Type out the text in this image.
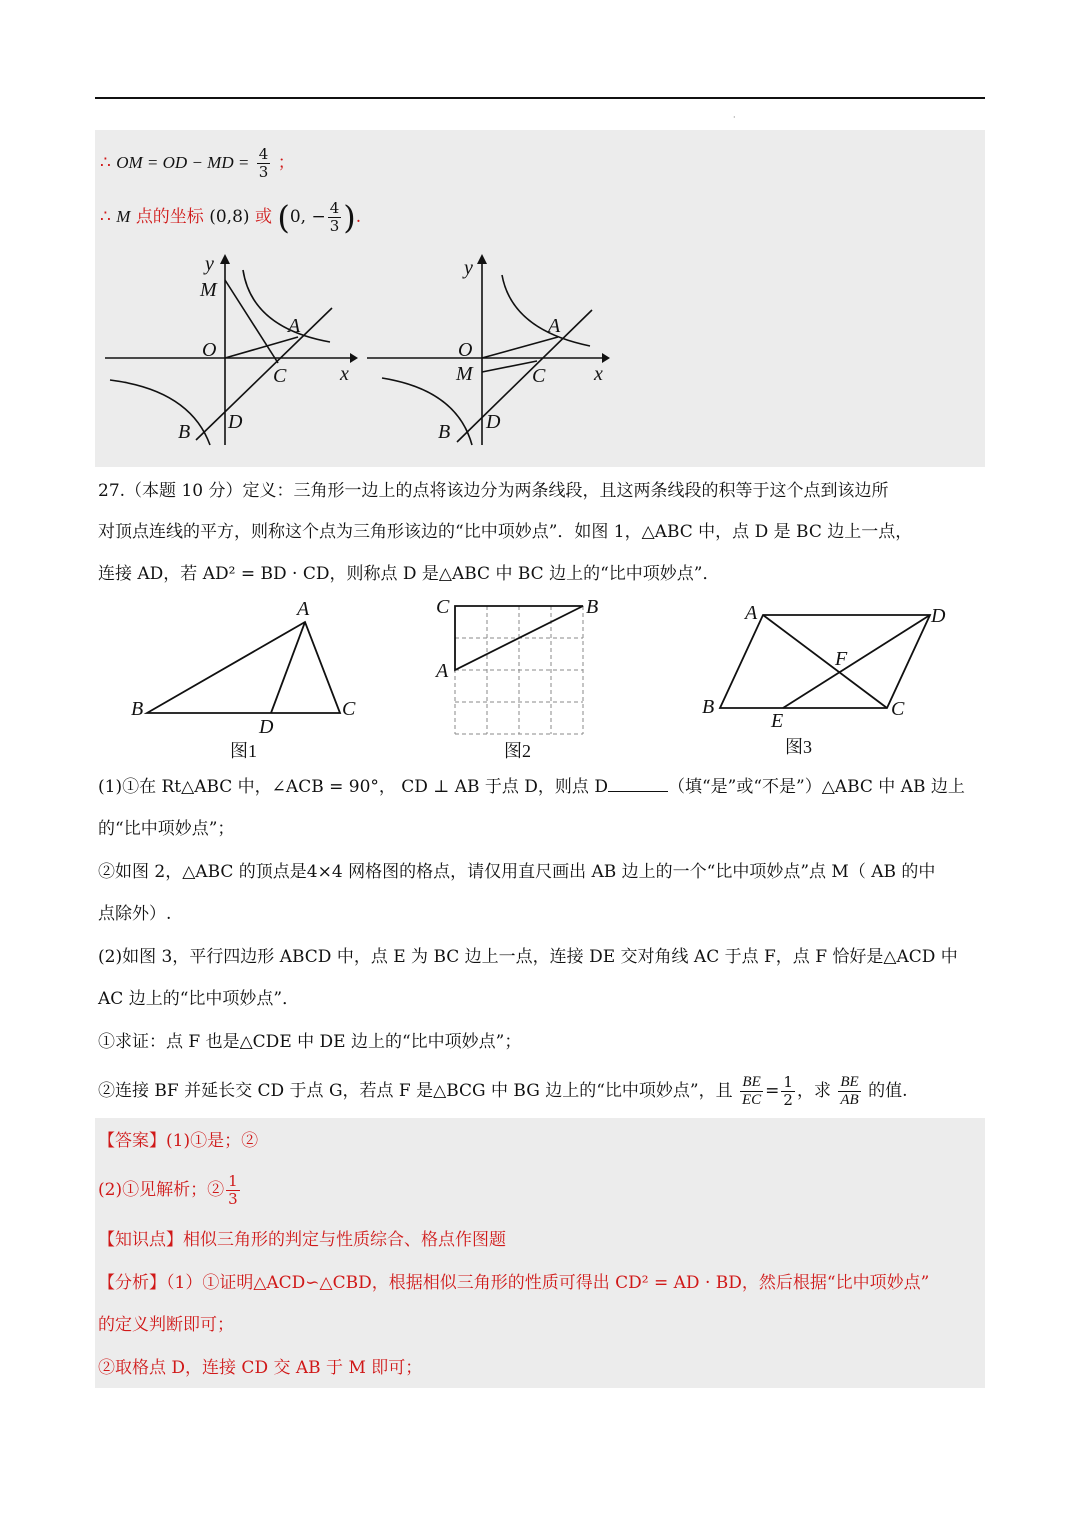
·
∴ OM = OD − MD = $\frac{4}{3}$ ；
∴ M 点的坐标 (0,8) 或 (0, − $\frac{4}{3}$ ).
y
x
M
O
A
C
D
B
y
x
O
M
A
C
D
B
27.（本题 10 分）定义：三角形一边上的点将该边分为两条线段，且这两条线段的积等于这个点到该边所
对顶点连线的平方，则称这个点为三角形该边的“比中项妙点”．如图 1，△ABC 中，点 D 是 BC 边上一点，
连接 AD，若 AD² = BD · CD，则称点 D 是△ABC 中 BC 边上的“比中项妙点”．
A
B	C
D
图1
C	B
A
图2
A	D
B	C
E
F
图3
(1)①在 Rt△ABC 中，∠ACB = 90°， CD ⊥ AB 于点 D，则点 D	（填“是”或“不是”）△ABC 中 AB 边上
的“比中项妙点”；
②如图 2，△ABC 的顶点是4×4 网格图的格点，请仅用直尺画出 AB 边上的一个“比中项妙点”点 M（ AB 的中
点除外）.
(2)如图 3，平行四边形 ABCD 中，点 E 为 BC 边上一点，连接 DE 交对角线 AC 于点 F，点 F 恰好是△ACD 中
AC 边上的“比中项妙点”．
①求证：点 F 也是△CDE 中 DE 边上的“比中项妙点”；
②连接 BF 并延长交 CD 于点 G，若点 F 是△BCG 中 BG 边上的“比中项妙点”，且 $\frac{BE}{EC} = \frac{1}{2}$ ，求 $\frac{BE}{AB}$ 的值.
【答案】(1)①是；②
(2)①见解析；② $\frac{1}{3}$
【知识点】相似三角形的判定与性质综合、格点作图题
【分析】（1）①证明△ACD∽△CBD，根据相似三角形的性质可得出 CD² = AD · BD，然后根据“比中项妙点”
的定义判断即可；
②取格点 D，连接 CD 交 AB 于 M 即可；
